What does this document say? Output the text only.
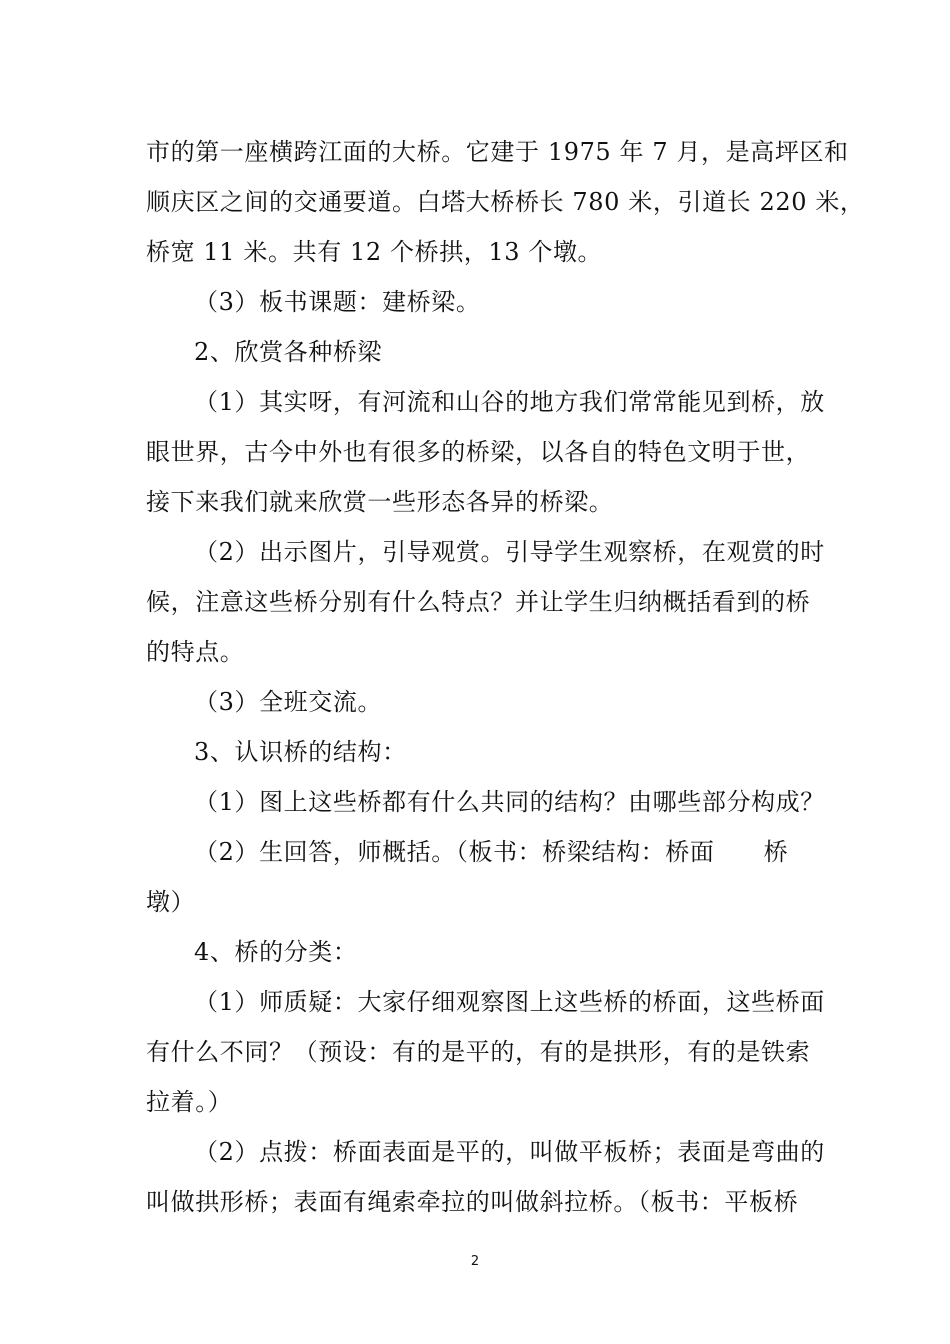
市的第一座横跨江面的大桥。它建于 1975 年 7 月，是高坪区和
顺庆区之间的交通要道。白塔大桥桥长 780 米，引道长 220 米，
桥宽 11 米。共有 12 个桥拱，13 个墩。
（3）板书课题：建桥梁。
2、欣赏各种桥梁
（1）其实呀，有河流和山谷的地方我们常常能见到桥，放
眼世界，古今中外也有很多的桥梁，以各自的特色文明于世，
接下来我们就来欣赏一些形态各异的桥梁。
（2）出示图片，引导观赏。引导学生观察桥，在观赏的时
候，注意这些桥分别有什么特点？并让学生归纳概括看到的桥
的特点。
（3）全班交流。
3、认识桥的结构：
（1）图上这些桥都有什么共同的结构？由哪些部分构成？
（2）生回答，师概括。（板书：桥梁结构：桥面　　桥
墩）
4、桥的分类：
（1）师质疑：大家仔细观察图上这些桥的桥面，这些桥面
有什么不同？（预设：有的是平的，有的是拱形，有的是铁索
拉着。）
（2）点拨：桥面表面是平的，叫做平板桥；表面是弯曲的
叫做拱形桥；表面有绳索牵拉的叫做斜拉桥。（板书：平板桥
2
